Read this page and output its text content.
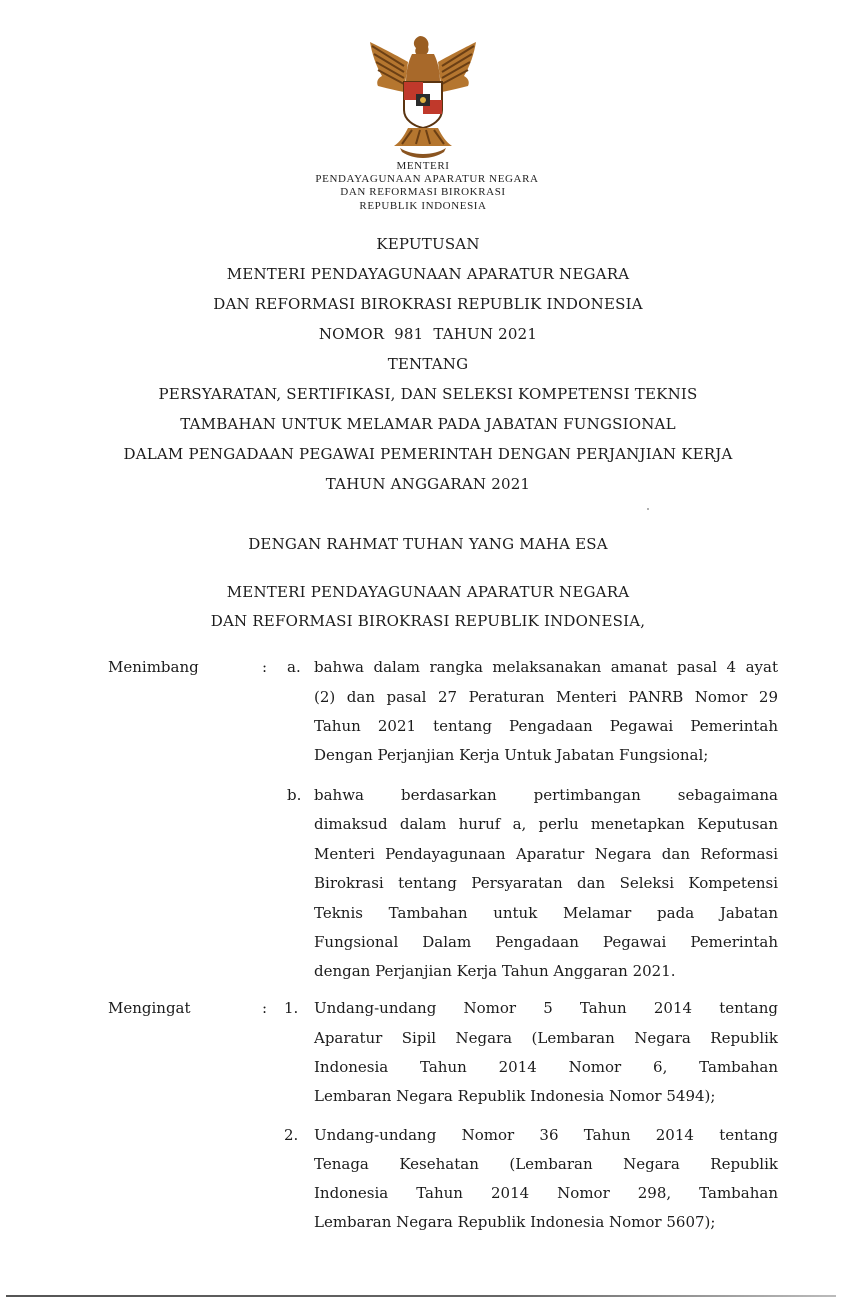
MENTERI
PENDAYAGUNAAN APARATUR NEGARA
DAN REFORMASI BIROKRASI
REPUBLIK INDONESIA
KEPUTUSAN
MENTERI PENDAYAGUNAAN APARATUR NEGARA
DAN REFORMASI BIROKRASI REPUBLIK INDONESIA
NOMOR  981  TAHUN 2021
TENTANG
PERSYARATAN, SERTIFIKASI, DAN SELEKSI KOMPETENSI TEKNIS
TAMBAHAN UNTUK MELAMAR PADA JABATAN FUNGSIONAL
DALAM PENGADAAN PEGAWAI PEMERINTAH DENGAN PERJANJIAN KERJA
TAHUN ANGGARAN 2021
DENGAN RAHMAT TUHAN YANG MAHA ESA
MENTERI PENDAYAGUNAAN APARATUR NEGARA
DAN REFORMASI BIROKRASI REPUBLIK INDONESIA,
Menimbang	: a. bahwa dalam rangka melaksanakan amanat pasal 4 ayat
(2) dan pasal 27 Peraturan Menteri PANRB Nomor 29
Tahun 2021 tentang Pengadaan Pegawai Pemerintah
Dengan Perjanjian Kerja Untuk Jabatan Fungsional;
b. bahwa berdasarkan pertimbangan sebagaimana
dimaksud dalam huruf a, perlu menetapkan Keputusan
Menteri Pendayagunaan Aparatur Negara dan Reformasi
Birokrasi tentang Persyaratan dan Seleksi Kompetensi
Teknis Tambahan untuk Melamar pada Jabatan
Fungsional Dalam Pengadaan Pegawai Pemerintah
dengan Perjanjian Kerja Tahun Anggaran 2021.
Mengingat	: 1. Undang-undang Nomor 5 Tahun 2014 tentang
Aparatur Sipil Negara (Lembaran Negara Republik
Indonesia Tahun 2014 Nomor 6, Tambahan
Lembaran Negara Republik Indonesia Nomor 5494);
2. Undang-undang Nomor 36 Tahun 2014 tentang
Tenaga Kesehatan (Lembaran Negara Republik
Indonesia Tahun 2014 Nomor 298, Tambahan
Lembaran Negara Republik Indonesia Nomor 5607);
